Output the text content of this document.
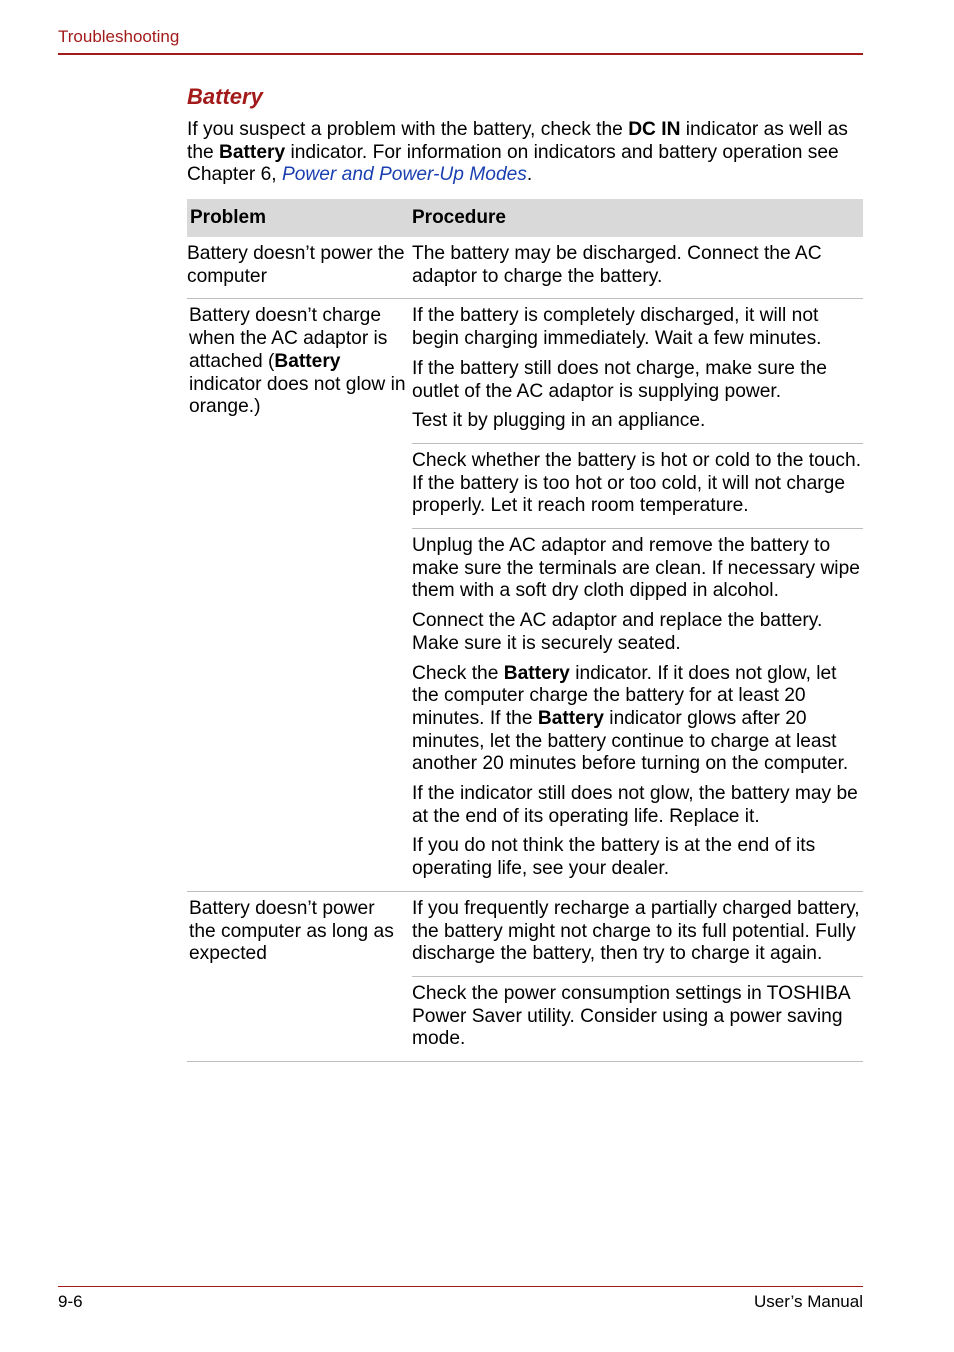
Troubleshooting
Battery
If you suspect a problem with the battery, check the DC IN indicator as well as the Battery indicator. For information on indicators and battery operation see Chapter 6, Power and Power-Up Modes.
Problem	Procedure
Battery doesn’t power the computer

The battery may be discharged. Connect the AC adaptor to charge the battery.

Battery doesn’t charge when the AC adaptor is attached (Battery indicator does not glow in orange.)

If the battery is completely discharged, it will not begin charging immediately. Wait a few minutes.

If the battery still does not charge, make sure the outlet of the AC adaptor is supplying power.

Test it by plugging in an appliance.

Check whether the battery is hot or cold to the touch. If the battery is too hot or too cold, it will not charge properly. Let it reach room temperature.

Unplug the AC adaptor and remove the battery to make sure the terminals are clean. If necessary wipe them with a soft dry cloth dipped in alcohol.

Connect the AC adaptor and replace the battery. Make sure it is securely seated.

Check the Battery indicator. If it does not glow, let the computer charge the battery for at least 20 minutes. If the Battery indicator glows after 20 minutes, let the battery continue to charge at least another 20 minutes before turning on the computer.

If the indicator still does not glow, the battery may be at the end of its operating life. Replace it.

If you do not think the battery is at the end of its operating life, see your dealer.

Battery doesn’t power the computer as long as expected

If you frequently recharge a partially charged battery, the battery might not charge to its full potential. Fully discharge the battery, then try to charge it again.

Check the power consumption settings in TOSHIBA Power Saver utility. Consider using a power saving mode.

9-6	User’s Manual
